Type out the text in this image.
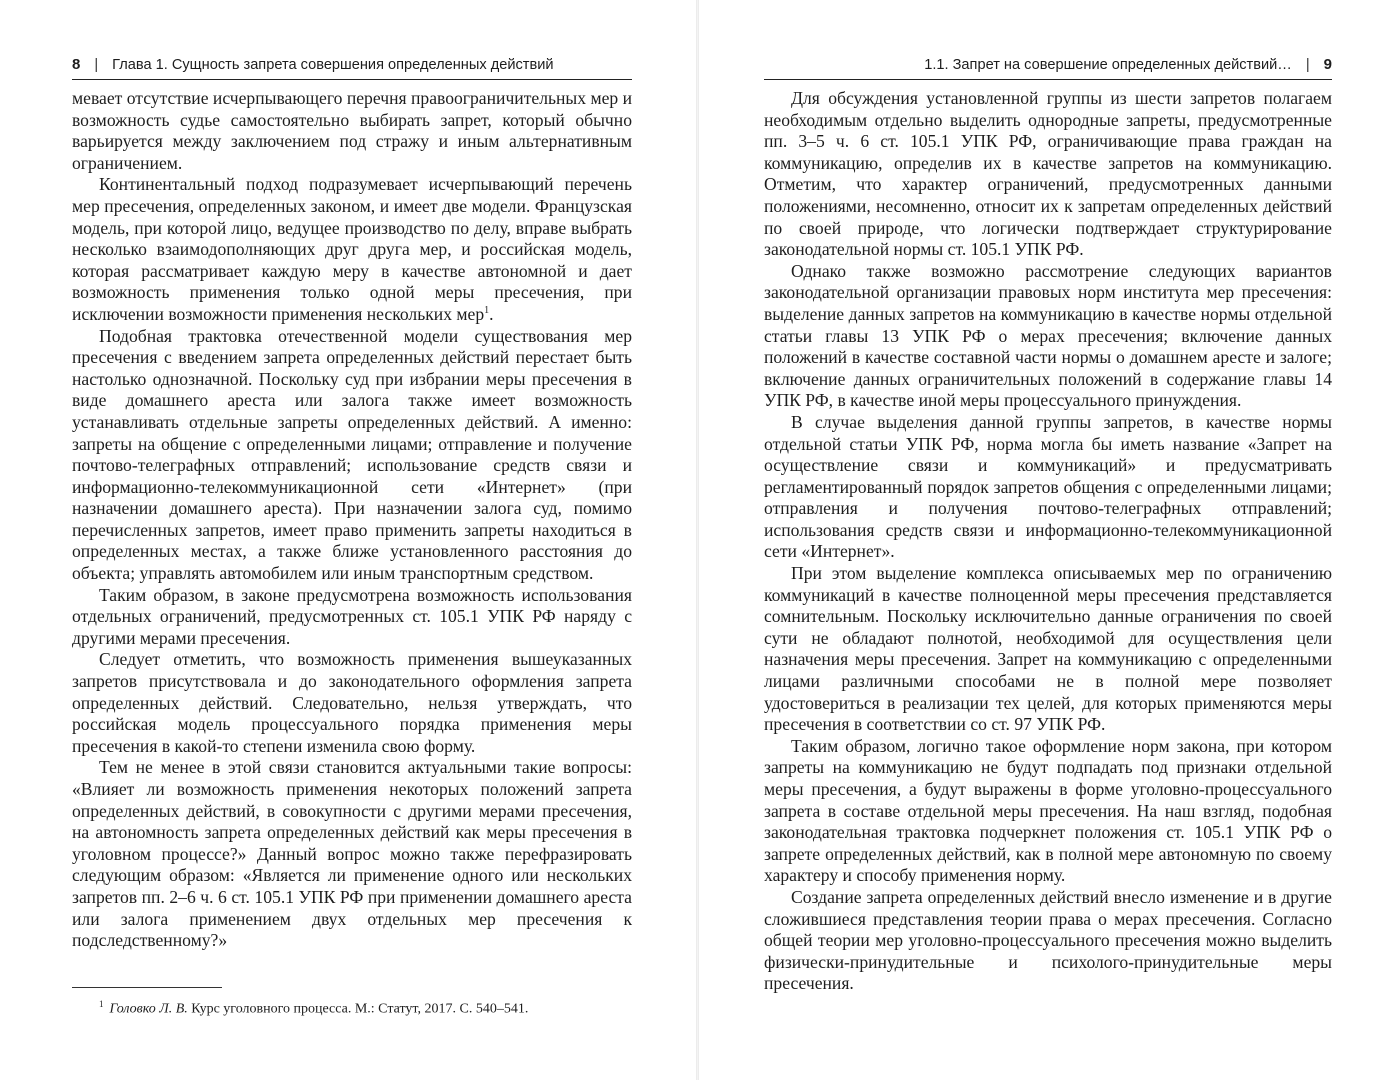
8 | Глава 1. Сущность запрета совершения определенных действий

мевает отсутствие исчерпывающего перечня правоограничительных мер и возможность судье самостоятельно выбирать запрет, который обычно варьируется между заключением под стражу и иным альтернативным ограничением.

Континентальный подход подразумевает исчерпывающий перечень мер пресечения, определенных законом, и имеет две модели. Французская модель, при которой лицо, ведущее производство по делу, вправе выбрать несколько взаимодополняющих друг друга мер, и российская модель, которая рассматривает каждую меру в качестве автономной и дает возможность применения только одной меры пресечения, при исключении возможности применения нескольких мер$^1$.

Подобная трактовка отечественной модели существования мер пресечения с введением запрета определенных действий перестает быть настолько однозначной. Поскольку суд при избрании меры пресечения в виде домашнего ареста или залога также имеет возможность устанавливать отдельные запреты определенных действий. А именно: запреты на общение с определенными лицами; отправление и получение почтово-телеграфных отправлений; использование средств связи и информационно-телекоммуникационной сети «Интернет» (при назначении домашнего ареста). При назначении залога суд, помимо перечисленных запретов, имеет право применить запреты находиться в определенных местах, а также ближе установленного расстояния до объекта; управлять автомобилем или иным транспортным средством.

Таким образом, в законе предусмотрена возможность использования отдельных ограничений, предусмотренных ст. 105.1 УПК РФ наряду с другими мерами пресечения.

Следует отметить, что возможность применения вышеуказанных запретов присутствовала и до законодательного оформления запрета определенных действий. Следовательно, нельзя утверждать, что российская модель процессуального порядка применения меры пресечения в какой-то степени изменила свою форму.

Тем не менее в этой связи становится актуальными такие вопросы: «Влияет ли возможность применения некоторых положений запрета определенных действий, в совокупности с другими мерами пресечения, на автономность запрета определенных действий как меры пресечения в уголовном процессе?» Данный вопрос можно также перефразировать следующим образом: «Является ли применение одного или нескольких запретов пп. 2–6 ч. 6 ст. 105.1 УПК РФ при применении домашнего ареста или залога применением двух отдельных мер пресечения к подследственному?»

$^1$ Головко Л. В. Курс уголовного процесса. М.: Статут, 2017. С. 540–541.
1.1. Запрет на совершение определенных действий… | 9

Для обсуждения установленной группы из шести запретов полагаем необходимым отдельно выделить однородные запреты, предусмотренные пп. 3–5 ч. 6 ст. 105.1 УПК РФ, ограничивающие права граждан на коммуникацию, определив их в качестве запретов на коммуникацию. Отметим, что характер ограничений, предусмотренных данными положениями, несомненно, относит их к запретам определенных действий по своей природе, что логически подтверждает структурирование законодательной нормы ст. 105.1 УПК РФ.

Однако также возможно рассмотрение следующих вариантов законодательной организации правовых норм института мер пресечения: выделение данных запретов на коммуникацию в качестве нормы отдельной статьи главы 13 УПК РФ о мерах пресечения; включение данных положений в качестве составной части нормы о домашнем аресте и залоге; включение данных ограничительных положений в содержание главы 14 УПК РФ, в качестве иной меры процессуального принуждения.

В случае выделения данной группы запретов, в качестве нормы отдельной статьи УПК РФ, норма могла бы иметь название «Запрет на осуществление связи и коммуникаций» и предусматривать регламентированный порядок запретов общения с определенными лицами; отправления и получения почтово-телеграфных отправлений; использования средств связи и информационно-телекоммуникационной сети «Интернет».

При этом выделение комплекса описываемых мер по ограничению коммуникаций в качестве полноценной меры пресечения представляется сомнительным. Поскольку исключительно данные ограничения по своей сути не обладают полнотой, необходимой для осуществления цели назначения меры пресечения. Запрет на коммуникацию с определенными лицами различными способами не в полной мере позволяет удостовериться в реализации тех целей, для которых применяются меры пресечения в соответствии со ст. 97 УПК РФ.

Таким образом, логично такое оформление норм закона, при котором запреты на коммуникацию не будут подпадать под признаки отдельной меры пресечения, а будут выражены в форме уголовно-процессуального запрета в составе отдельной меры пресечения. На наш взгляд, подобная законодательная трактовка подчеркнет положения ст. 105.1 УПК РФ о запрете определенных действий, как в полной мере автономную по своему характеру и способу применения норму.

Создание запрета определенных действий внесло изменение и в другие сложившиеся представления теории права о мерах пресечения. Согласно общей теории мер уголовно-процессуального пресечения можно выделить физически-принудительные и психолого-принудительные меры пресечения.
